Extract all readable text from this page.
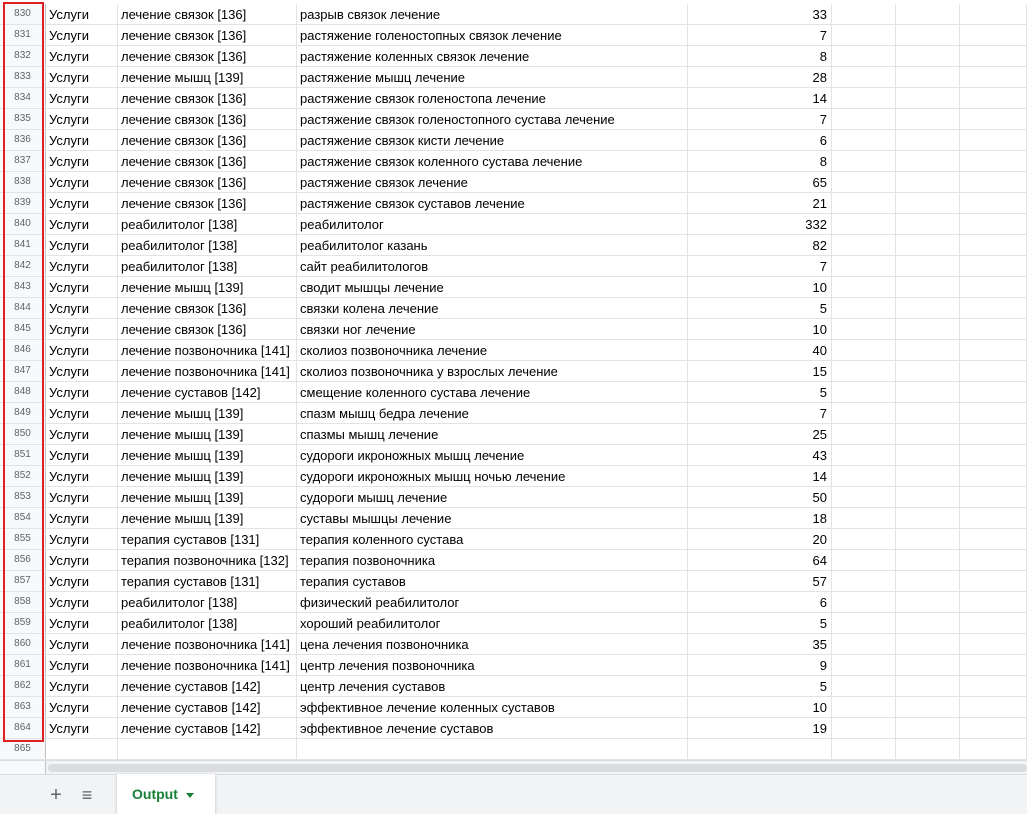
830	Услуги	лечение связок [136]	разрыв связок лечение	33
831	Услуги	лечение связок [136]	растяжение голеностопных связок лечение	7
832	Услуги	лечение связок [136]	растяжение коленных связок лечение	8
833	Услуги	лечение мышц [139]	растяжение мышц лечение	28
834	Услуги	лечение связок [136]	растяжение связок голеностопа лечение	14
835	Услуги	лечение связок [136]	растяжение связок голеностопного сустава лечение	7
836	Услуги	лечение связок [136]	растяжение связок кисти лечение	6
837	Услуги	лечение связок [136]	растяжение связок коленного сустава лечение	8
838	Услуги	лечение связок [136]	растяжение связок лечение	65
839	Услуги	лечение связок [136]	растяжение связок суставов лечение	21
840	Услуги	реабилитолог [138]	реабилитолог	332
841	Услуги	реабилитолог [138]	реабилитолог казань	82
842	Услуги	реабилитолог [138]	сайт реабилитологов	7
843	Услуги	лечение мышц [139]	сводит мышцы лечение	10
844	Услуги	лечение связок [136]	связки колена лечение	5
845	Услуги	лечение связок [136]	связки ног лечение	10
846	Услуги	лечение позвоночника [141] сколиоз позвоночника лечение	40
847	Услуги	лечение позвоночника [141] сколиоз позвоночника у взрослых лечение	15
848	Услуги	лечение суставов [142]	смещение коленного сустава лечение	5
849	Услуги	лечение мышц [139]	спазм мышц бедра лечение	7
850	Услуги	лечение мышц [139]	спазмы мышц лечение	25
851	Услуги	лечение мышц [139]	судороги икроножных мышц лечение	43
852	Услуги	лечение мышц [139]	судороги икроножных мышц ночью лечение	14
853	Услуги	лечение мышц [139]	судороги мышц лечение	50
854	Услуги	лечение мышц [139]	суставы мышцы лечение	18
855	Услуги	терапия суставов [131]	терапия коленного сустава	20
856	Услуги	терапия позвоночника [132] терапия позвоночника	64
857	Услуги	терапия суставов [131]	терапия суставов	57
858	Услуги	реабилитолог [138]	физический реабилитолог	6
859	Услуги	реабилитолог [138]	хороший реабилитолог	5
860	Услуги	лечение позвоночника [141] цена лечения позвоночника	35
861	Услуги	лечение позвоночника [141] центр лечения позвоночника	9
862	Услуги	лечение суставов [142]	центр лечения суставов	5
863	Услуги	лечение суставов [142]	эффективное лечение коленных суставов	10
864	Услуги	лечение суставов [142]	эффективное лечение суставов	19
865
+	≡	Output
